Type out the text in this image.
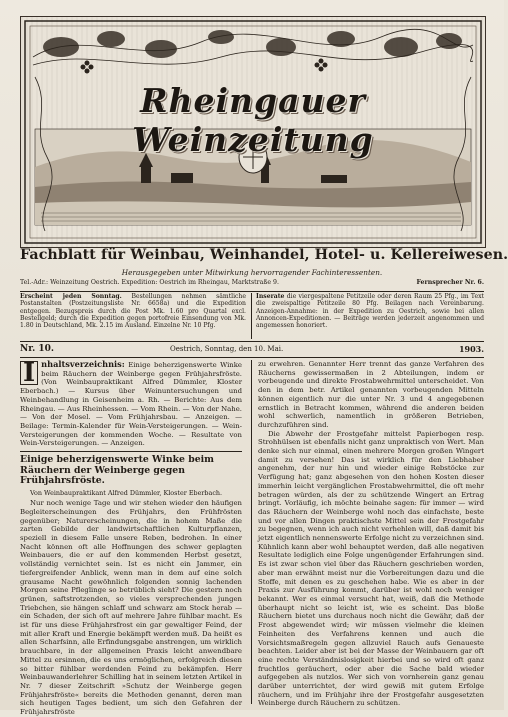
Rheingauer Weinzeitung
Fachblatt für Weinbau, Weinhandel, Hotel- u. Kellereiwesen.
Herausgegeben unter Mitwirkung hervorragender Fachinteressenten.
Tel.-Adr.: Weinzeitung Oestrich. Expedition: Oestrich im Rheingau, Marktstraße 9.	Fernsprecher Nr. 6.

Erscheint jeden Sonntag. Bestellungen nehmen sämtliche Postanstalten (Postzeitungsliste Nr. 6658a) und die Expedition entgegen. Bezugspreis durch die Post Mk. 1.60 pro Quartal excl. Bestellgeld; durch die Expedition gegen portofreie Einsendung von Mk. 1.80 in Deutschland, Mk. 2.15 im Ausland. Einzelne Nr. 10 Pfg.

Inserate die viergespaltene Petitzeile oder deren Raum 25 Pfg., im Text die zweispaltige Petitzeile 80 Pfg. Beilagen nach Vereinbarung. Anzeigen-Annahme: in der Expedition zu Oestrich, sowie bei allen Annoncen-Expeditionen. — Beiträge werden jederzeit angenommen und angemessen honoriert.

Nr. 10.	Oestrich, Sonntag, den 10. Mai.	1903.

I nhaltsverzeichnis: Einige beherzigenswerte Winke beim Räuchern der Weinberge gegen Frühjahrsfröste. (Von Weinbaupraktikant Alfred Dümmler, Kloster Eberbach.) — Kursus über Weinuntersuchungen und Weinbehandlung in Geisenheim a. Rh. — Berichte: Aus dem Rheingau. — Aus Rheinhessen. — Vom Rhein. — Von der Nahe. — Von der Mosel. — Vom Frühjahrsbau. — Anzeigen. — Beilage: Termin-Kalender für Wein-Versteigerungen. — Wein-Versteigerungen der kommenden Woche. — Resultate von Wein-Versteigerungen. — Anzeigen.

Einige beherzigenswerte Winke beim Räuchern der Weinberge gegen Frühjahrsfröste.

Von Weinbaupraktikant Alfred Dümmler, Kloster Eberbach.

Nur noch wenige Tage und wir stehen wieder den häufigen Begleiterscheinungen des Frühjahrs, den Frühfrösten gegenüber; Naturerscheinungen, die in hohem Maße die zarten Gebilde der landwirtschaftlichen Kulturpflanzen, speziell in diesem Falle unsere Reben, bedrohen. In einer Nacht können oft alle Hoffnungen des schwer geplagten Weinbauers, die er auf den kommenden Herbst gesetzt, vollständig vernichtet sein. Ist es nicht ein Jammer, ein tiefergreifender Anblick, wenn man in dem auf eine solch grausame Nacht gewöhnlich folgenden sonnig lachenden Morgen seine Pfleglinge so betrüblich sieht? Die gestern noch grünen, saftstrotzenden, so vieles versprechenden jungen Triebchen, sie hängen schlaff und schwarz am Stock herab — ein Schaden, der sich oft auf mehrere Jahre fühlbar macht. Es ist für uns diese Frühjahrsfrost ein gar gewaltiger Feind, der mit aller Kraft und Energie bekämpft werden muß. Da heißt es allen Scharfsinn, alle Erfindungsgabe anstrengen, um wirklich brauchbare, in der allgemeinen Praxis leicht anwendbare Mittel zu ersinnen, die es uns ermöglichen, erfolgreich diesen so bitter fühlbar werdenden Feind zu bekämpfen. Herr Weinbauwanderlehrer Schilling hat in seinem letzten Artikel in Nr. 7 dieser Zeitschrift »Schutz der Weinberge gegen Frühjahrsfröste« bereits die Methoden genannt, deren man sich heutigen Tages bedient, um sich den Gefahren der Frühjahrsfröste

zu erwehren. Genannter Herr trennt das ganze Verfahren des Räucherns gewissermaßen in 2 Abteilungen, indem er vorbeugende und direkte Frostabwehrmittel unterscheidet. Von den in dem betr. Artikel genannten vorbeugenden Mitteln können eigentlich nur die unter Nr. 3 und 4 angegebenen ernstlich in Betracht kommen, während die anderen beiden wohl schwerlich, namentlich in größeren Betrieben, durchzuführen sind.

Die Abwehr der Frostgefahr mittelst Papierbogen resp. Strohhülsen ist ebenfalls nicht ganz unpraktisch von Wert. Man denke sich nur einmal, einen mehrere Morgen großen Wingert damit zu versehen! Das ist wirklich für den Liebhaber angenehm, der nur hin und wieder einige Rebstöcke zur Verfügung hat; ganz abgesehen von den hohen Kosten dieser immerhin leicht vergänglichen Frostabwehrmittel, die oft mehr betragen würden, als der zu schützende Wingert an Ertrag bringt. Vorläufig, ich möchte beinahe sagen: für immer — wird das Räuchern der Weinberge wohl noch das einfachste, beste und vor allen Dingen praktischste Mittel sein der Frostgefahr zu begegnen, wenn ich auch nicht verhehlen will, daß damit bis jetzt eigentlich nennenswerte Erfolge nicht zu verzeichnen sind. Kühnlich kann aber wohl behauptet werden, daß alle negativen Resultate lediglich eine Folge ungenügender Erfahrungen sind. Es ist zwar schon viel über das Räuchern geschrieben worden, aber man erwähnt meist nur die Vorbereitungen dazu und die Stoffe, mit denen es zu geschehen habe. Wie es aber in der Praxis zur Ausführung kommt, darüber ist wohl noch weniger bekannt. Wer es einmal versucht hat, weiß, daß die Methode überhaupt nicht so leicht ist, wie es scheint. Das bloße Räuchern bietet uns durchaus noch nicht die Gewähr, daß der Frost abgewendet wird; wir müssen vielmehr die kleinen Feinheiten des Verfahrens kennen und auch die Vorsichtsmaßregeln gegen allzuviel Rauch aufs Genaueste beachten. Leider aber ist bei der Masse der Weinbauern gar oft eine rechte Verständnislosigkeit hierbei und so wird oft ganz fruchtlos geräuchert, oder aber die Sache bald wieder aufgegeben als nutzlos. Wer sich von vornherein ganz genau darüber unterrichtet, der wird gewiß mit gutem Erfolge räuchern, und im Frühjahr ihre der Frostgefahr ausgesetzten Weinberge durch Räuchern zu schützen.
